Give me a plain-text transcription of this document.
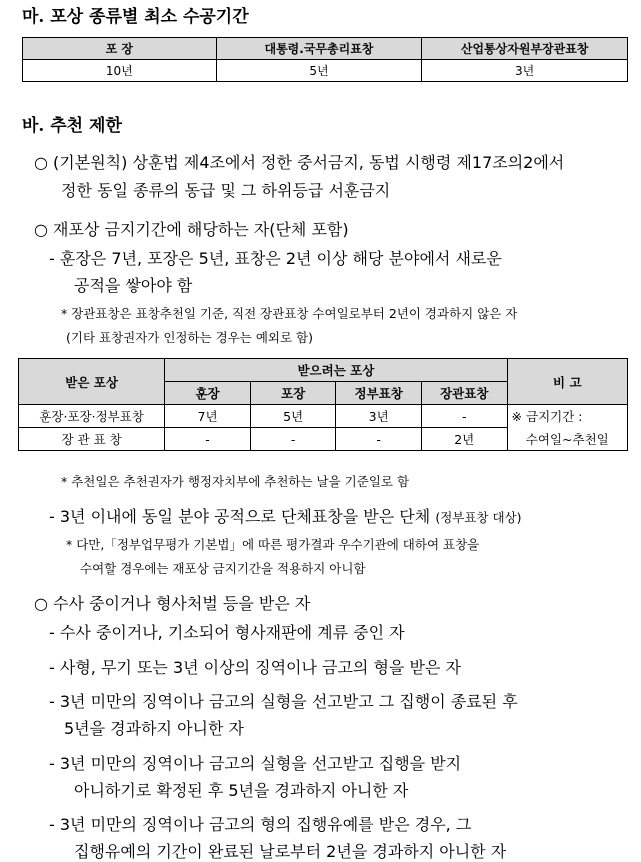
마. 포상 종류별 최소 수공기간
포 장	대통령.국무총리표창	산업통상자원부장관표창
10년	5년	3년
바. 추천 제한
○ (기본원칙) 상훈법 제4조에서 정한 중서금지, 동법 시행령 제17조의2에서
정한 동일 종류의 동급 및 그 하위등급 서훈금지
○ 재포상 금지기간에 해당하는 자(단체 포함)
- 훈장은 7년, 포장은 5년, 표창은 2년 이상 해당 분야에서 새로운
공적을 쌓아야 함
* 장관표창은 표창추천일 기준, 직전 장관표창 수여일로부터 2년이 경과하지 않은 자
(기타 표창권자가 인정하는 경우는 예외로 함)
받은 포상	받으려는 포상				비 고
	훈장	포장	정부표창	장관표창	
훈장·포장·정부표창	7년	5년	3년	-	※ 금지기간 :
장 관 표 창	-	-	-	2년	수여일~추천일
* 추천일은 추천권자가 행정자치부에 추천하는 날을 기준일로 함
- 3년 이내에 동일 분야 공적으로 단체표창을 받은 단체 (정부표창 대상)
* 다만,「정부업무평가 기본법」에 따른 평가결과 우수기관에 대하여 표창을
수여할 경우에는 재포상 금지기간을 적용하지 아니함
○ 수사 중이거나 형사처벌 등을 받은 자
- 수사 중이거나, 기소되어 형사재판에 계류 중인 자
- 사형, 무기 또는 3년 이상의 징역이나 금고의 형을 받은 자
- 3년 미만의 징역이나 금고의 실형을 선고받고 그 집행이 종료된 후
5년을 경과하지 아니한 자
- 3년 미만의 징역이나 금고의 실형을 선고받고 집행을 받지
아니하기로 확정된 후 5년을 경과하지 아니한 자
- 3년 미만의 징역이나 금고의 형의 집행유예를 받은 경우, 그
집행유예의 기간이 완료된 날로부터 2년을 경과하지 아니한 자
